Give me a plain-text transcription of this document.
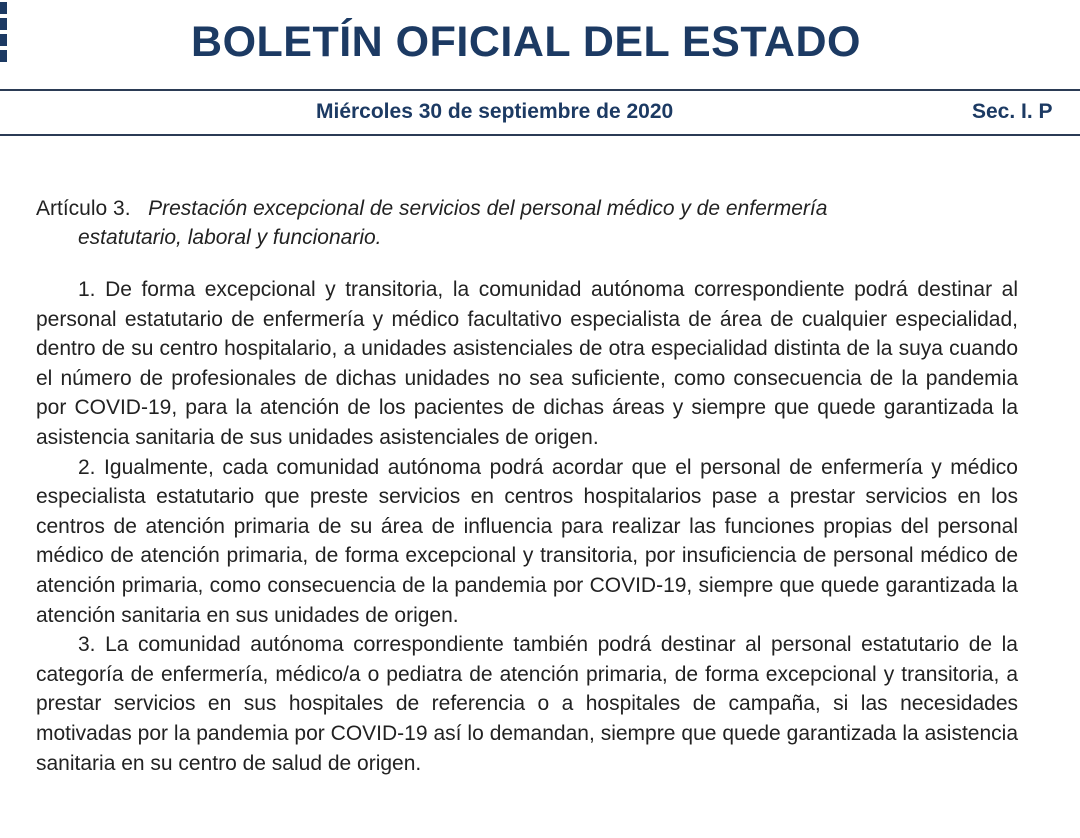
BOLETÍN OFICIAL DEL ESTADO
Miércoles 30 de septiembre de 2020	Sec. I. P
Artículo 3. Prestación excepcional de servicios del personal médico y de enfermería
estatutario, laboral y funcionario.

1. De forma excepcional y transitoria, la comunidad autónoma correspondiente podrá destinar al personal estatutario de enfermería y médico facultativo especialista de área de cualquier especialidad, dentro de su centro hospitalario, a unidades asistenciales de otra especialidad distinta de la suya cuando el número de profesionales de dichas unidades no sea suficiente, como consecuencia de la pandemia por COVID-19, para la atención de los pacientes de dichas áreas y siempre que quede garantizada la asistencia sanitaria de sus unidades asistenciales de origen.

2. Igualmente, cada comunidad autónoma podrá acordar que el personal de enfermería y médico especialista estatutario que preste servicios en centros hospitalarios pase a prestar servicios en los centros de atención primaria de su área de influencia para realizar las funciones propias del personal médico de atención primaria, de forma excepcional y transitoria, por insuficiencia de personal médico de atención primaria, como consecuencia de la pandemia por COVID-19, siempre que quede garantizada la atención sanitaria en sus unidades de origen.

3. La comunidad autónoma correspondiente también podrá destinar al personal estatutario de la categoría de enfermería, médico/a o pediatra de atención primaria, de forma excepcional y transitoria, a prestar servicios en sus hospitales de referencia o a hospitales de campaña, si las necesidades motivadas por la pandemia por COVID-19 así lo demandan, siempre que quede garantizada la asistencia sanitaria en su centro de salud de origen.
